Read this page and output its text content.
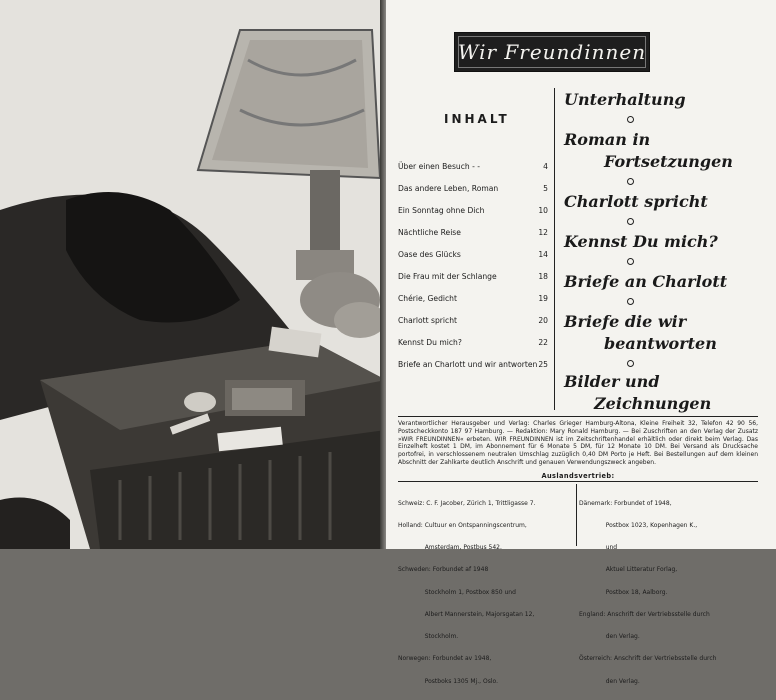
Wir Freundinnen
INHALT
Über einen Besuch - -	4
Das andere Leben, Roman	5
Ein Sonntag ohne Dich	10
Nächtliche Reise	12
Oase des Glücks	14
Die Frau mit der Schlange	18
Chérie, Gedicht	19
Charlott spricht	20
Kennst Du mich?	22
Briefe an Charlott und wir antworten 25
Unterhaltung
Roman in
Fortsetzungen
Charlott spricht
Kennst Du mich?
Briefe an Charlott
Briefe die wir
beantworten
Bilder und
Zeichnungen
Verantwortlicher Herausgeber und Verlag: Charles Grieger Hamburg-Altona, Kleine Freiheit 32, Telefon 42 90 56, Postscheckkonto 187 97 Hamburg. — Redaktion: Mary Ronald Hamburg. — Bei Zuschriften an den Verlag der Zusatz »WIR FREUNDINNEN« erbeten. WIR FREUNDINNEN ist im Zeitschriftenhandel erhältlich oder direkt beim Verlag. Das Einzelheft kostet 1 DM, im Abonnement für 6 Monate 5 DM, für 12 Monate 10 DM. Bei Versand als Drucksache portofrei, in verschlossenem neutralen Umschlag zuzüglich 0,40 DM Porto je Heft. Bei Bestellungen auf dem kleinen Abschnitt der Zahlkarte deutlich Anschrift und genauen Verwendungszweck angeben.
Auslandsvertrieb:

Schweiz: C. F. Jacober, Zürich 1, Trittligasse 7.

Holland: Cultuur en Ontspanningscentrum,

Amsterdam, Postbus 542.

Schweden: Forbundet af 1948

Stockholm 1, Postbox 850 und

Albert Mannerstein, Majorsgatan 12,

Stockholm.

Norwegen: Forbundet av 1948,

Postboks 1305 Mj., Oslo.

Dänemark: Forbundet of 1948,

Postbox 1023, Kopenhagen K.,

und

Aktuel Litteratur Forlag,

Postbox 18, Aalborg.

England: Anschrift der Vertriebsstelle durch

den Verlag.

Österreich: Anschrift der Vertriebsstelle durch

den Verlag.
